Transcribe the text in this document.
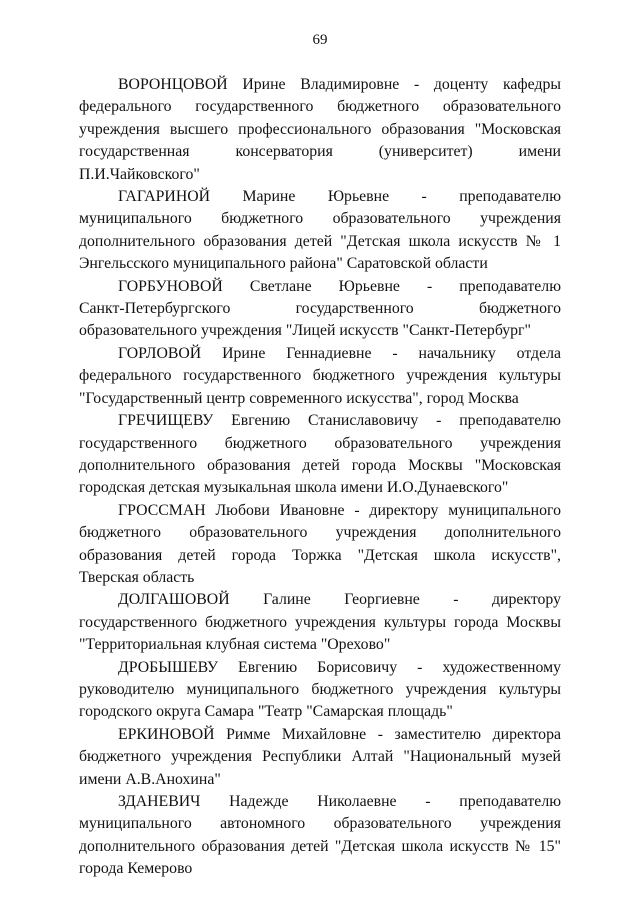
69
ВОРОНЦОВОЙ Ирине Владимировне - доценту кафедры
федерального государственного бюджетного образовательного
учреждения высшего профессионального образования "Московская
государственная консерватория (университет) имени
П.И.Чайковского"
ГАГАРИНОЙ Марине Юрьевне - преподавателю
муниципального бюджетного образовательного учреждения
дополнительного образования детей "Детская школа искусств № 1
Энгельсского муниципального района" Саратовской области
ГОРБУНОВОЙ Светлане Юрьевне - преподавателю
Санкт-Петербургского государственного бюджетного
образовательного учреждения "Лицей искусств "Санкт-Петербург"
ГОРЛОВОЙ Ирине Геннадиевне - начальнику отдела
федерального государственного бюджетного учреждения культуры
"Государственный центр современного искусства", город Москва
ГРЕЧИЩЕВУ Евгению Станиславовичу - преподавателю
государственного бюджетного образовательного учреждения
дополнительного образования детей города Москвы "Московская
городская детская музыкальная школа имени И.О.Дунаевского"
ГРОССМАН Любови Ивановне - директору муниципального
бюджетного образовательного учреждения дополнительного
образования детей города Торжка "Детская школа искусств",
Тверская область
ДОЛГАШОВОЙ Галине Георгиевне - директору
государственного бюджетного учреждения культуры города Москвы
"Территориальная клубная система "Орехово"
ДРОБЫШЕВУ Евгению Борисовичу - художественному
руководителю муниципального бюджетного учреждения культуры
городского округа Самара "Театр "Самарская площадь"
ЕРКИНОВОЙ Римме Михайловне - заместителю директора
бюджетного учреждения Республики Алтай "Национальный музей
имени А.В.Анохина"
ЗДАНЕВИЧ Надежде Николаевне - преподавателю
муниципального автономного образовательного учреждения
дополнительного образования детей "Детская школа искусств № 15"
города Кемерово
